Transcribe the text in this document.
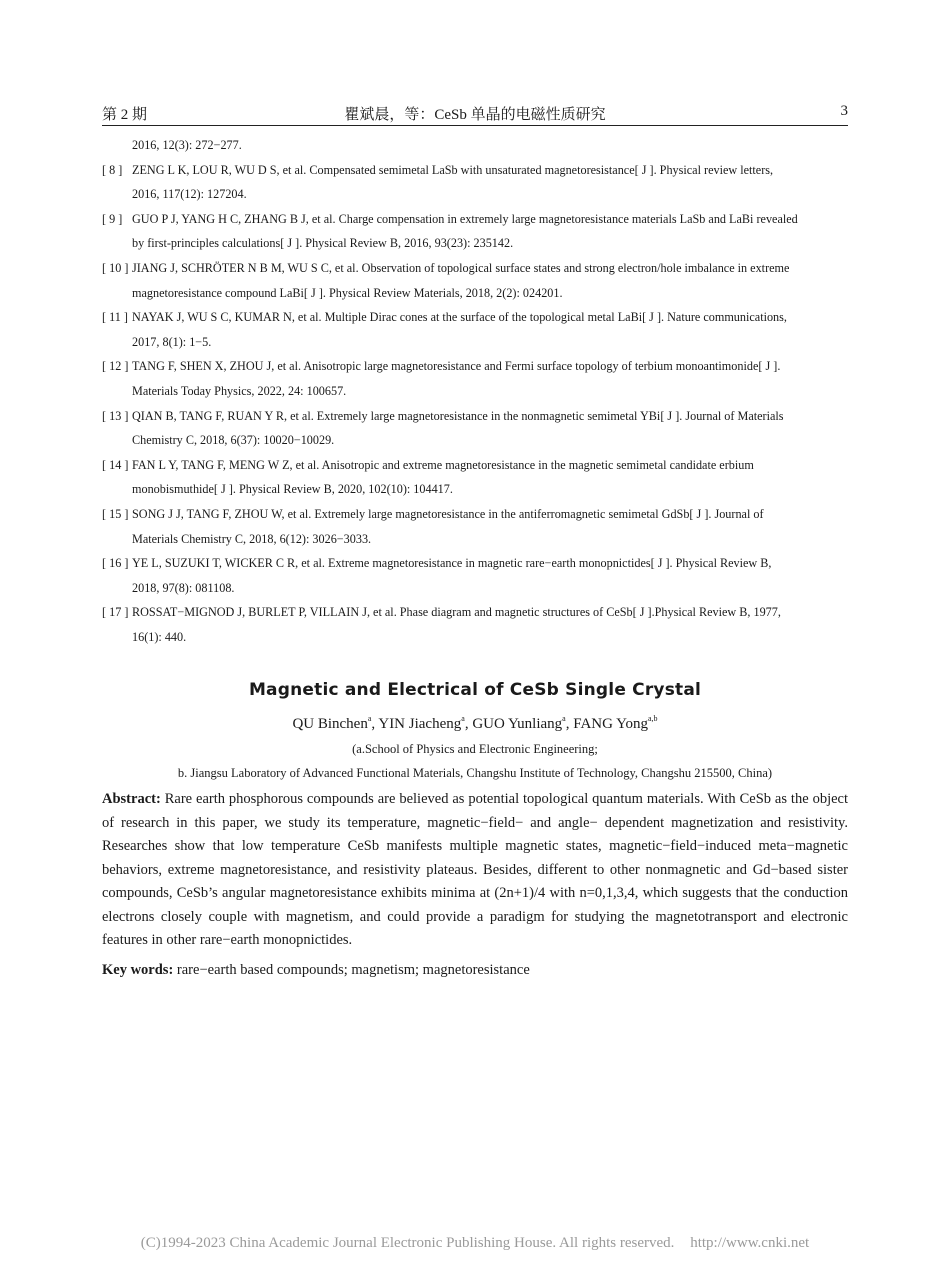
第 2 期	瞿斌晨，等：CeSb 单晶的电磁性质研究	3
2016, 12(3): 272−277.
[ 8 ] ZENG L K, LOU R, WU D S, et al. Compensated semimetal LaSb with unsaturated magnetoresistance[ J ]. Physical review letters,
2016, 117(12): 127204.
[ 9 ] GUO P J, YANG H C, ZHANG B J, et al. Charge compensation in extremely large magnetoresistance materials LaSb and LaBi revealed
by first-principles calculations[ J ]. Physical Review B, 2016, 93(23): 235142.
[ 10 ] JIANG J, SCHRÖTER N B M, WU S C, et al. Observation of topological surface states and strong electron/hole imbalance in extreme
magnetoresistance compound LaBi[ J ]. Physical Review Materials, 2018, 2(2): 024201.
[ 11 ] NAYAK J, WU S C, KUMAR N, et al. Multiple Dirac cones at the surface of the topological metal LaBi[ J ]. Nature communications,
2017, 8(1): 1−5.
[ 12 ] TANG F, SHEN X, ZHOU J, et al. Anisotropic large magnetoresistance and Fermi surface topology of terbium monoantimonide[ J ].
Materials Today Physics, 2022, 24: 100657.
[ 13 ] QIAN B, TANG F, RUAN Y R, et al. Extremely large magnetoresistance in the nonmagnetic semimetal YBi[ J ]. Journal of Materials
Chemistry C, 2018, 6(37): 10020−10029.
[ 14 ] FAN L Y, TANG F, MENG W Z, et al. Anisotropic and extreme magnetoresistance in the magnetic semimetal candidate erbium
monobismuthide[ J ]. Physical Review B, 2020, 102(10): 104417.
[ 15 ] SONG J J, TANG F, ZHOU W, et al. Extremely large magnetoresistance in the antiferromagnetic semimetal GdSb[ J ]. Journal of
Materials Chemistry C, 2018, 6(12): 3026−3033.
[ 16 ] YE L, SUZUKI T, WICKER C R, et al. Extreme magnetoresistance in magnetic rare−earth monopnictides[ J ]. Physical Review B,
2018, 97(8): 081108.
[ 17 ] ROSSAT−MIGNOD J, BURLET P, VILLAIN J, et al. Phase diagram and magnetic structures of CeSb[ J ].Physical Review B, 1977,
16(1): 440.
Magnetic and Electrical of CeSb Single Crystal
QU Binchen$^a$, YIN Jiacheng$^a$, GUO Yunliang$^a$, FANG Yong$^{a,b}$
(a.School of Physics and Electronic Engineering;
b. Jiangsu Laboratory of Advanced Functional Materials, Changshu Institute of Technology, Changshu 215500, China)
Abstract: Rare earth phosphorous compounds are believed as potential topological quantum materials. With CeSb as the object of research in this paper, we study its temperature, magnetic−field− and angle− dependent magnetization and resistivity. Researches show that low temperature CeSb manifests multiple magnetic states, magnetic−field−induced meta−magnetic behaviors, extreme magnetoresistance, and resistivity plateaus. Besides, different to other nonmagnetic and Gd−based sister compounds, CeSb’s angular magnetoresistance exhibits minima at (2n+1)/4 with n=0,1,3,4, which suggests that the conduction electrons closely couple with magnetism, and could provide a paradigm for studying the magnetotransport and electronic features in other rare−earth monopnictides.
Key words: rare−earth based compounds; magnetism; magnetoresistance
(C)1994-2023 China Academic Journal Electronic Publishing House. All rights reserved. http://www.cnki.net
